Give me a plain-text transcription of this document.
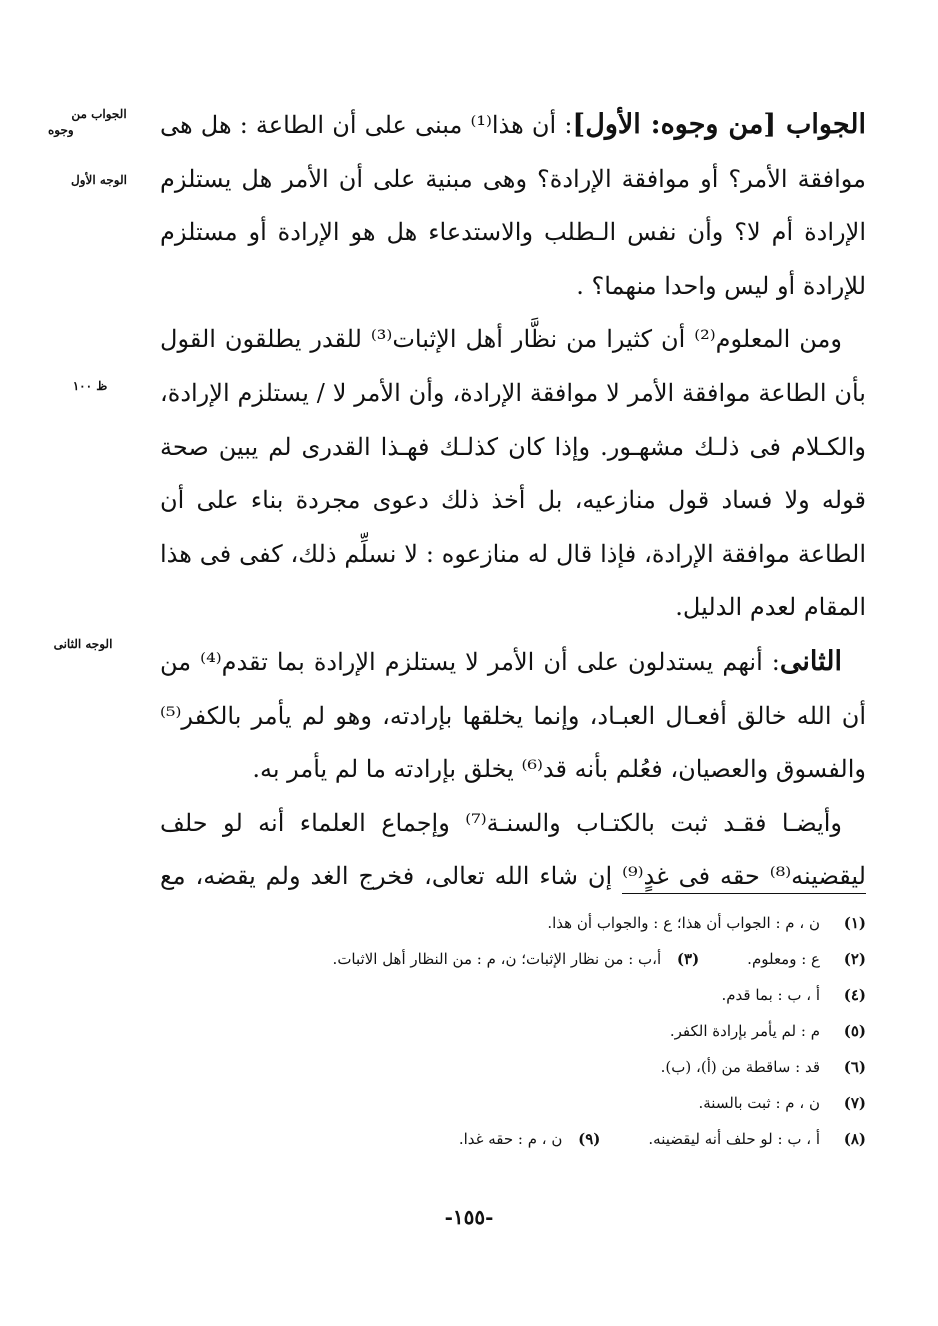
الجواب من
وجوه
الوجه الأول
ظ ١٠٠
الوجه الثانى

الجواب [من وجوه: الأول]: أن هذا⁽¹⁾ مبنى على أن الطاعة : هل هى موافقة الأمر؟ أو موافقة الإرادة؟ وهى مبنية على أن الأمر هل يستلزم الإرادة أم لا؟ وأن نفس الـطلب والاستدعاء هل هو الإرادة أو مستلزم للإرادة أو ليس واحدا منهما؟ .

ومن المعلوم⁽²⁾ أن كثيرا من نظَّار أهل الإثبات⁽³⁾ للقدر يطلقون القول بأن الطاعة موافقة الأمر لا موافقة الإرادة، وأن الأمر لا / يستلزم الإرادة، والكـلام فى ذلـك مشهـور. وإذا كان كذلـك فهـذا القدرى لم يبين صحة قوله ولا فساد قول منازعيه، بل أخذ ذلك دعوى مجردة بناء على أن الطاعة موافقة الإرادة، فإذا قال له منازعوه : لا نسلِّم ذلك، كفى فى هذا المقام لعدم الدليل.

الثانى: أنهم يستدلون على أن الأمر لا يستلزم الإرادة بما تقدم⁽⁴⁾ من أن الله خالق أفعـال العبـاد، وإنما يخلقها بإرادته، وهو لم يأمر بالكفر⁽⁵⁾ والفسوق والعصيان، فعُلم بأنه قد⁽⁶⁾ يخلق بإرادته ما لم يأمر به.

وأيضـا فقـد ثبت بالكتـاب والسنـة⁽⁷⁾ وإجماع العلماء أنه لو حلف ليقضينه⁽⁸⁾ حقه فى غدٍ⁽⁹⁾ إن شاء الله تعالى، فخرج الغد ولم يقضه، مع

(١)
ن ، م : الجواب أن هذا؛ ع : والجواب أن هذا.
(٢)
ع : ومعلوم.
(٣)
أ،ب : من نظار الإثبات؛ ن، م : من النظار أهل الاثبات.
(٤)
أ ، ب : بما قدم.
(٥)
م : لم يأمر بإرادة الكفر.
(٦)
قد : ساقطة من (أ)، (ب).
(٧)
ن ، م : ثبت بالسنة.
(٨)
أ ، ب : لو حلف أنه ليقضينه.
(٩)
ن ، م : حقه غدا.
-١٥٥-
